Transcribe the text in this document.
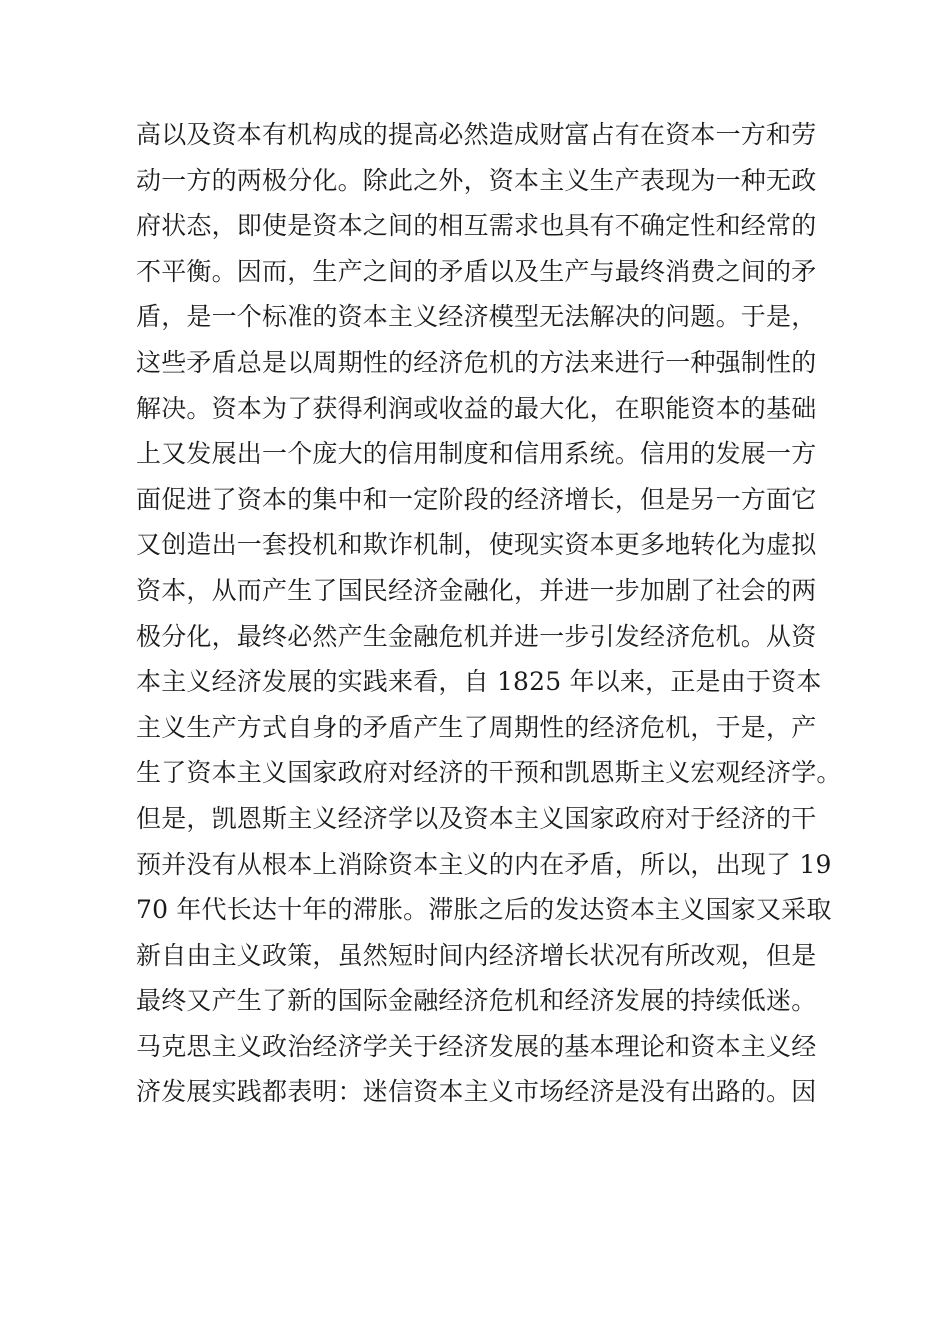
高以及资本有机构成的提高必然造成财富占有在资本一方和劳
动一方的两极分化。除此之外，资本主义生产表现为一种无政
府状态，即使是资本之间的相互需求也具有不确定性和经常的
不平衡。因而，生产之间的矛盾以及生产与最终消费之间的矛
盾，是一个标准的资本主义经济模型无法解决的问题。于是，
这些矛盾总是以周期性的经济危机的方法来进行一种强制性的
解决。资本为了获得利润或收益的最大化，在职能资本的基础
上又发展出一个庞大的信用制度和信用系统。信用的发展一方
面促进了资本的集中和一定阶段的经济增长，但是另一方面它
又创造出一套投机和欺诈机制，使现实资本更多地转化为虚拟
资本，从而产生了国民经济金融化，并进一步加剧了社会的两
极分化，最终必然产生金融危机并进一步引发经济危机。从资
本主义经济发展的实践来看，自 1825 年以来，正是由于资本
主义生产方式自身的矛盾产生了周期性的经济危机，于是，产
生了资本主义国家政府对经济的干预和凯恩斯主义宏观经济学。
但是，凯恩斯主义经济学以及资本主义国家政府对于经济的干
预并没有从根本上消除资本主义的内在矛盾，所以，出现了 19
70 年代长达十年的滞胀。滞胀之后的发达资本主义国家又采取
新自由主义政策，虽然短时间内经济增长状况有所改观，但是
最终又产生了新的国际金融经济危机和经济发展的持续低迷。
马克思主义政治经济学关于经济发展的基本理论和资本主义经
济发展实践都表明：迷信资本主义市场经济是没有出路的。因
